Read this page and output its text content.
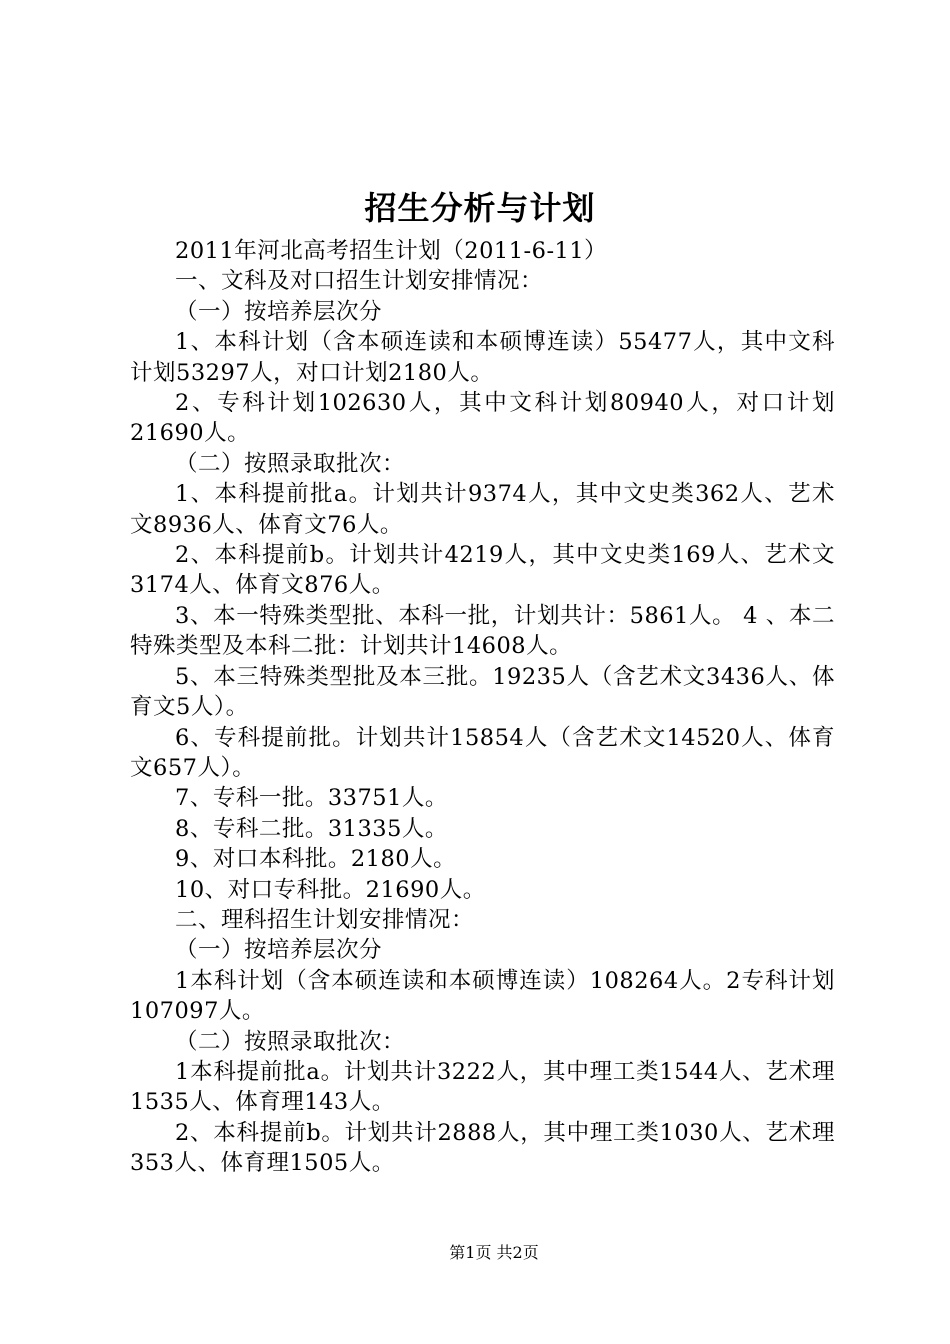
招生分析与计划

2011年河北高考招生计划（2011-6-11）

一、文科及对口招生计划安排情况：

（一）按培养层次分

1、本科计划（含本硕连读和本硕博连读）55477人，其中文科计划53297人，对口计划2180人。

2、专科计划102630人，其中文科计划80940人，对口计划21690人。

（二）按照录取批次：

1、本科提前批a。计划共计9374人，其中文史类362人、艺术文8936人、体育文76人。

2、本科提前b。计划共计4219人，其中文史类169人、艺术文3174人、体育文876人。

3、本一特殊类型批、本科一批，计划共计：5861人。 4 、本二特殊类型及本科二批：计划共计14608人。

5、本三特殊类型批及本三批。19235人（含艺术文3436人、体育文5人）。

6、专科提前批。计划共计15854人（含艺术文14520人、体育文657人）。

7、专科一批。33751人。

8、专科二批。31335人。

9、对口本科批。2180人。

10、对口专科批。21690人。

二、理科招生计划安排情况：

（一）按培养层次分

1本科计划（含本硕连读和本硕博连读）108264人。2专科计划107097人。

（二）按照录取批次：

1本科提前批a。计划共计3222人，其中理工类1544人、艺术理1535人、体育理143人。

2、本科提前b。计划共计2888人，其中理工类1030人、艺术理353人、体育理1505人。

第1页 共2页
